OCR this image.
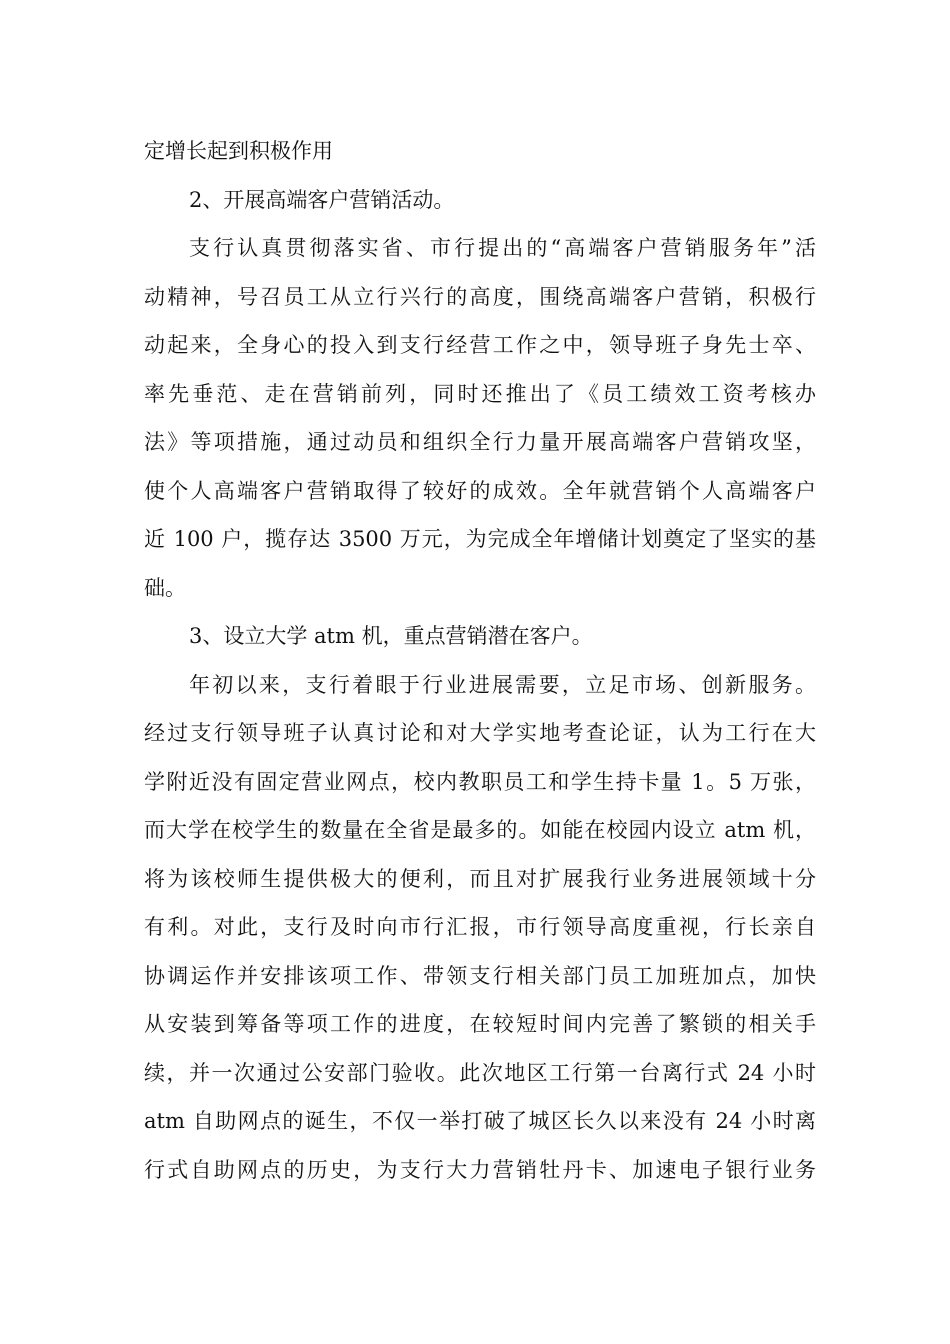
定增长起到积极作用
2、开展高端客户营销活动。
支行认真贯彻落实省、市行提出的“高端客户营销服务年”活
动精神，号召员工从立行兴行的高度，围绕高端客户营销，积极行
动起来，全身心的投入到支行经营工作之中，领导班子身先士卒、
率先垂范、走在营销前列，同时还推出了《员工绩效工资考核办
法》等项措施，通过动员和组织全行力量开展高端客户营销攻坚，
使个人高端客户营销取得了较好的成效。全年就营销个人高端客户
近 100 户，揽存达 3500 万元，为完成全年增储计划奠定了坚实的基
础。
3、设立大学 atm 机，重点营销潜在客户。
年初以来，支行着眼于行业进展需要，立足市场、创新服务。
经过支行领导班子认真讨论和对大学实地考查论证，认为工行在大
学附近没有固定营业网点，校内教职员工和学生持卡量 1。5 万张，
而大学在校学生的数量在全省是最多的。如能在校园内设立 atm 机，
将为该校师生提供极大的便利，而且对扩展我行业务进展领域十分
有利。对此，支行及时向市行汇报，市行领导高度重视，行长亲自
协调运作并安排该项工作、带领支行相关部门员工加班加点，加快
从安装到筹备等项工作的进度，在较短时间内完善了繁锁的相关手
续，并一次通过公安部门验收。此次地区工行第一台离行式 24 小时
atm 自助网点的诞生，不仅一举打破了城区长久以来没有 24 小时离
行式自助网点的历史，为支行大力营销牡丹卡、加速电子银行业务
